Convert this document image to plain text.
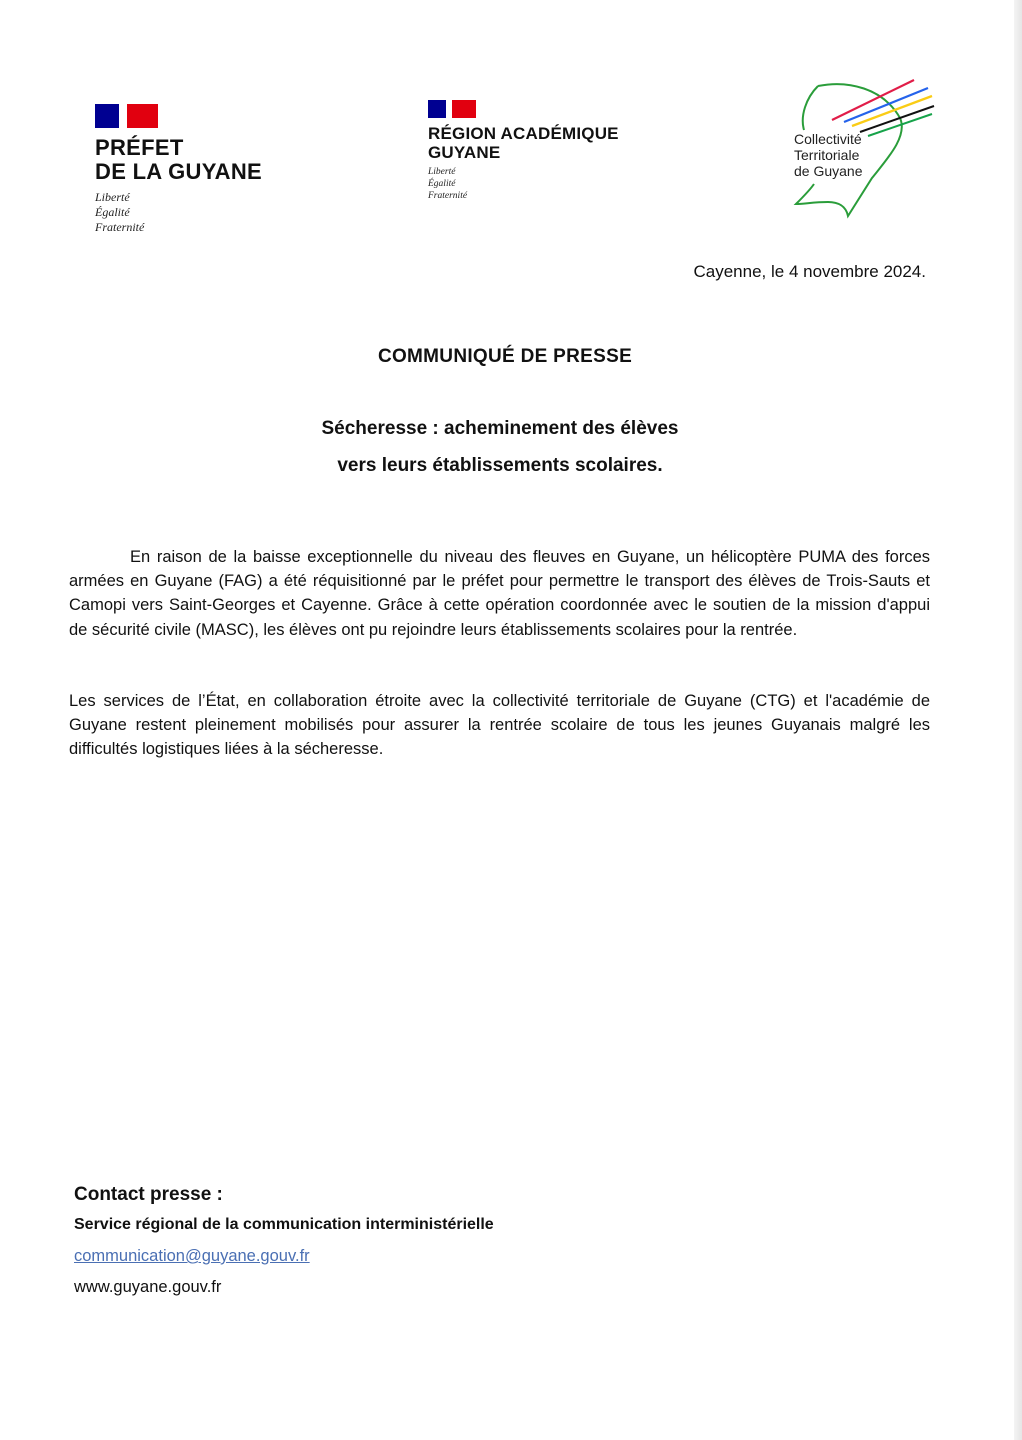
PRÉFET
DE LA GUYANE
Liberté
Égalité
Fraternité
RÉGION ACADÉMIQUE
GUYANE
Liberté
Égalité
Fraternité
Collectivité
Territoriale
de Guyane
Cayenne, le 4 novembre 2024.
COMMUNIQUÉ DE PRESSE
Sécheresse : acheminement des élèves
vers leurs établissements scolaires.
En raison de la baisse exceptionnelle du niveau des fleuves en Guyane, un hélicoptère PUMA des forces armées en Guyane (FAG) a été réquisitionné par le préfet pour permettre le transport des élèves de Trois-Sauts et Camopi vers Saint-Georges et Cayenne. Grâce à cette opération coordonnée avec le soutien de la mission d'appui de sécurité civile (MASC), les élèves ont pu rejoindre leurs établissements scolaires pour la rentrée.
Les services de l’État, en collaboration étroite avec la collectivité territoriale de Guyane (CTG) et l'académie de Guyane restent pleinement mobilisés pour assurer la rentrée scolaire de tous les jeunes Guyanais malgré les difficultés logistiques liées à la sécheresse.
Contact presse :
Service régional de la communication interministérielle
communication@guyane.gouv.fr
www.guyane.gouv.fr
